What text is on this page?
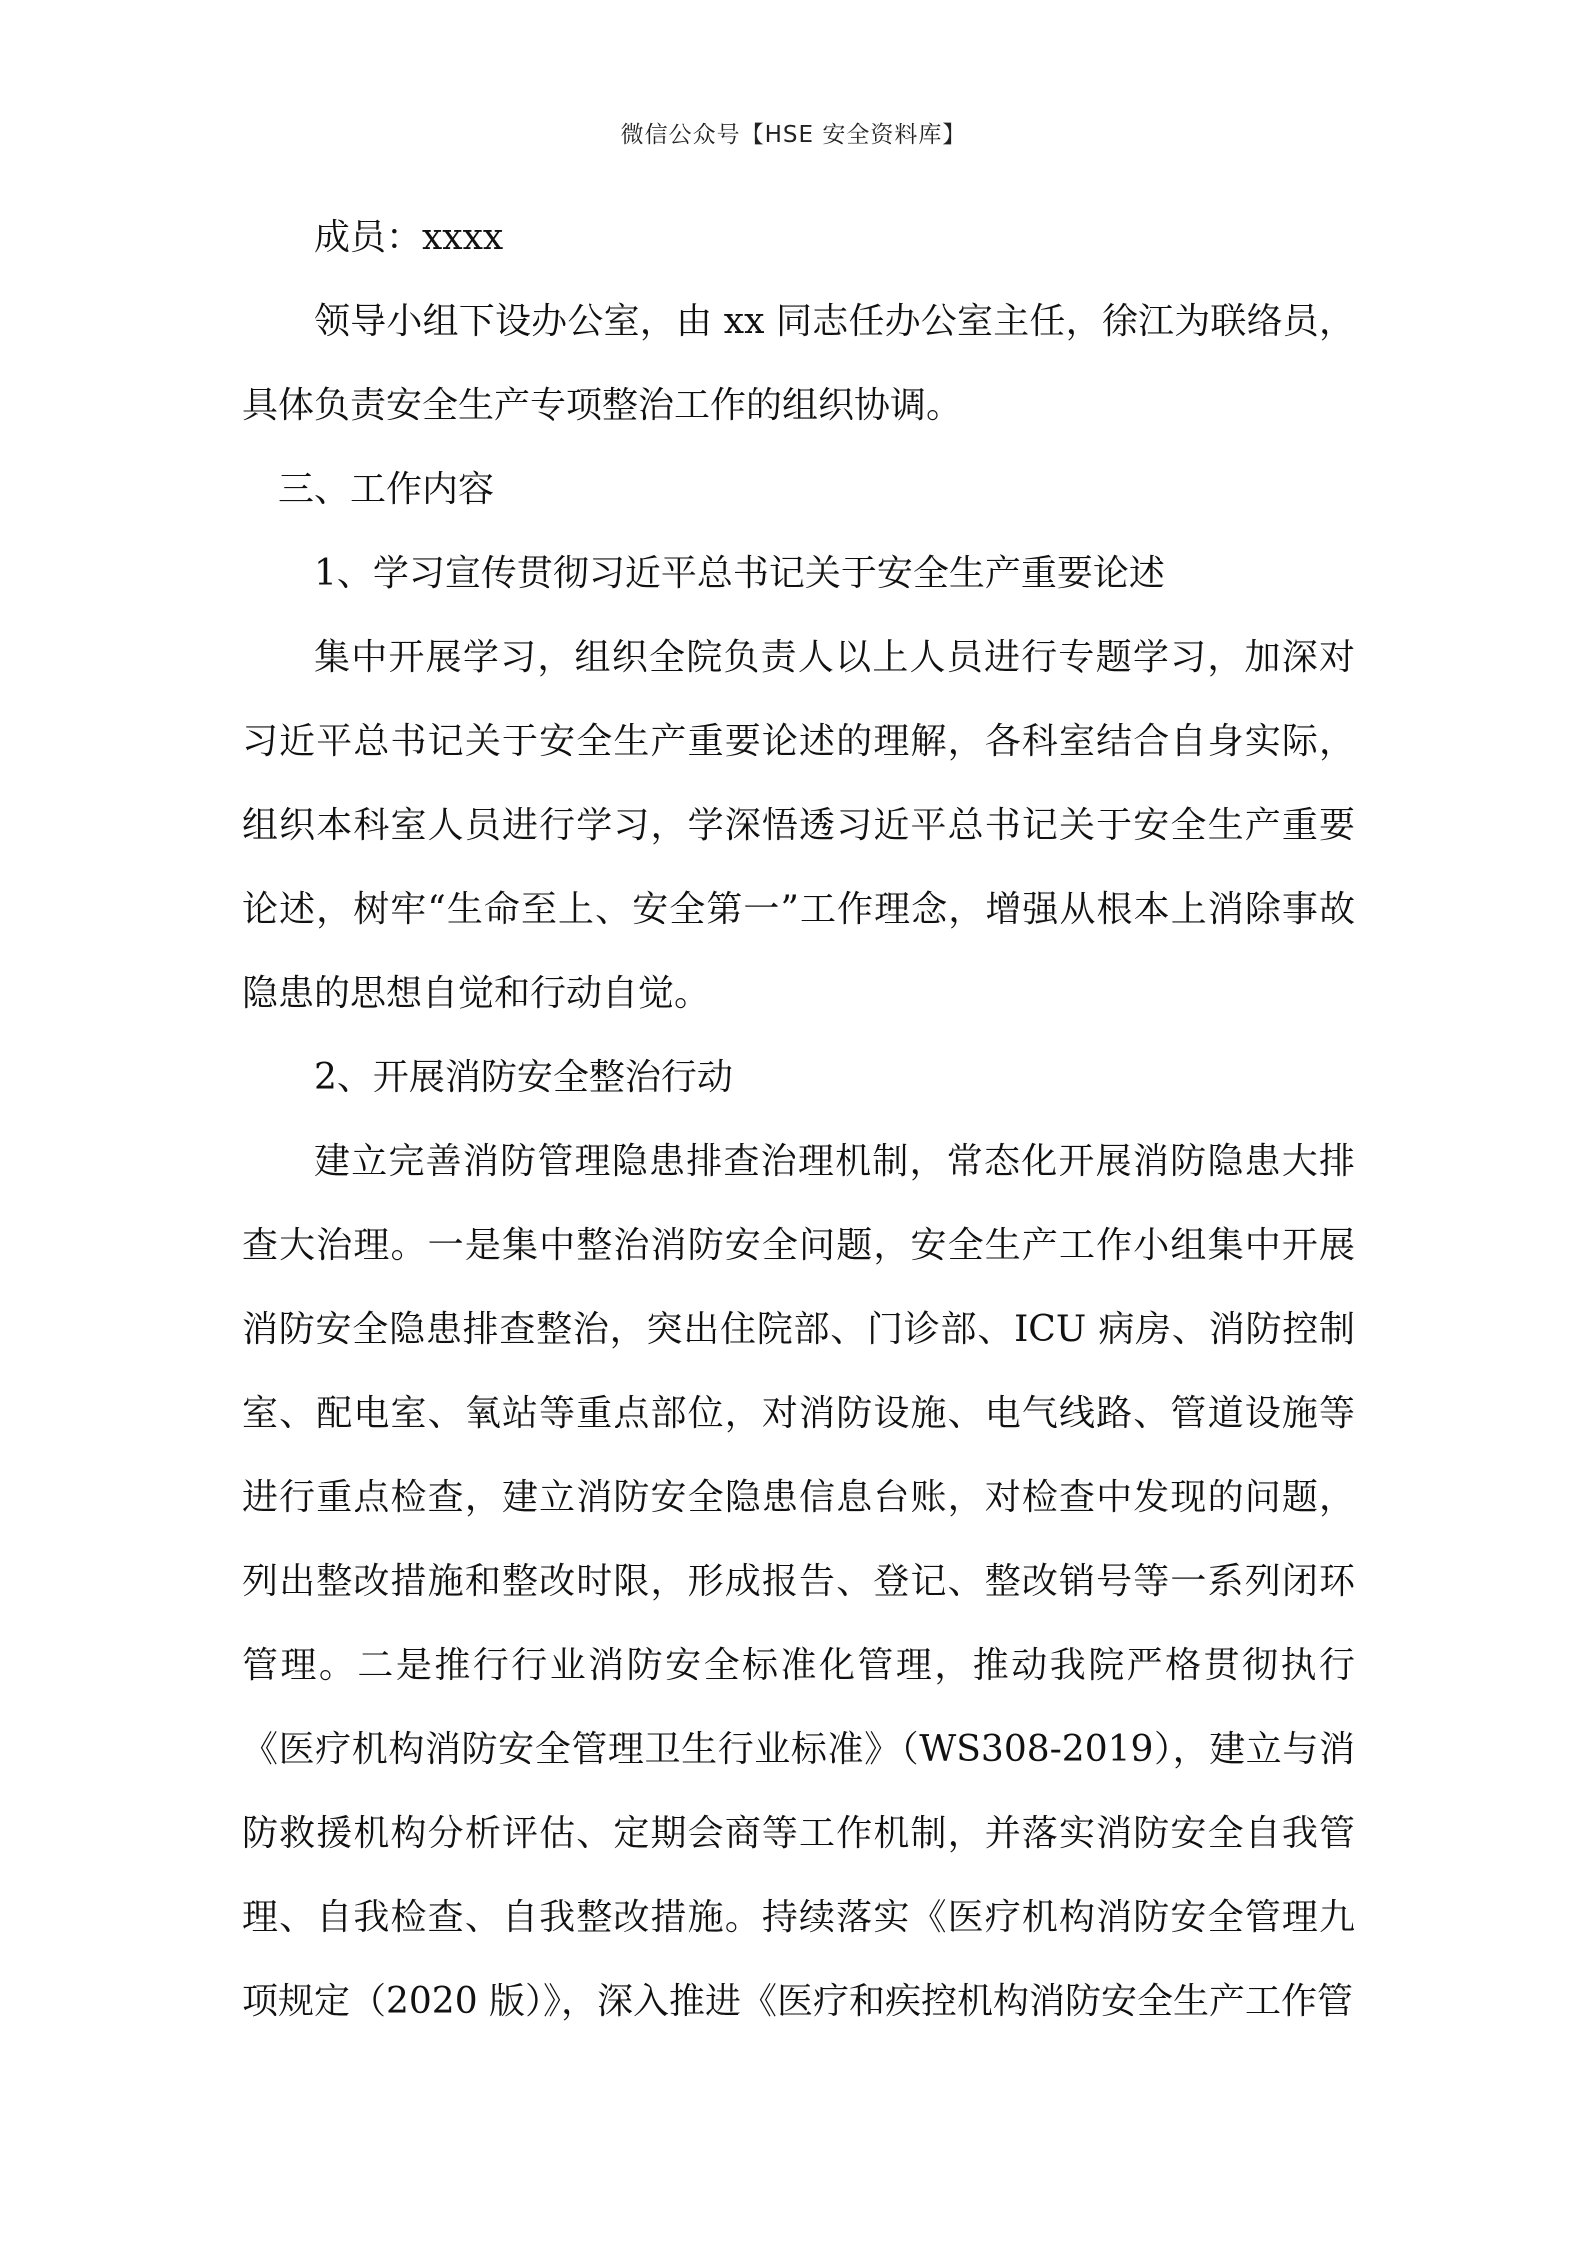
微信公众号【HSE 安全资料库】

成员：xxxx

领导小组下设办公室，由 xx 同志任办公室主任，徐江为联络员，具体负责安全生产专项整治工作的组织协调。

三、工作内容

1、学习宣传贯彻习近平总书记关于安全生产重要论述

集中开展学习，组织全院负责人以上人员进行专题学习，加深对习近平总书记关于安全生产重要论述的理解，各科室结合自身实际，组织本科室人员进行学习，学深悟透习近平总书记关于安全生产重要论述，树牢“生命至上、安全第一”工作理念，增强从根本上消除事故隐患的思想自觉和行动自觉。

2、开展消防安全整治行动

建立完善消防管理隐患排查治理机制，常态化开展消防隐患大排查大治理。一是集中整治消防安全问题，安全生产工作小组集中开展消防安全隐患排查整治，突出住院部、门诊部、ICU 病房、消防控制室、配电室、氧站等重点部位，对消防设施、电气线路、管道设施等进行重点检查，建立消防安全隐患信息台账，对检查中发现的问题，列出整改措施和整改时限，形成报告、登记、整改销号等一系列闭环管理。二是推行行业消防安全标准化管理，推动我院严格贯彻执行《医疗机构消防安全管理卫生行业标准》（WS308-2019），建立与消防救援机构分析评估、定期会商等工作机制，并落实消防安全自我管理、自我检查、自我整改措施。持续落实《医疗机构消防安全管理九项规定（2020 版）》，深入推进《医疗和疾控机构消防安全生产工作管
